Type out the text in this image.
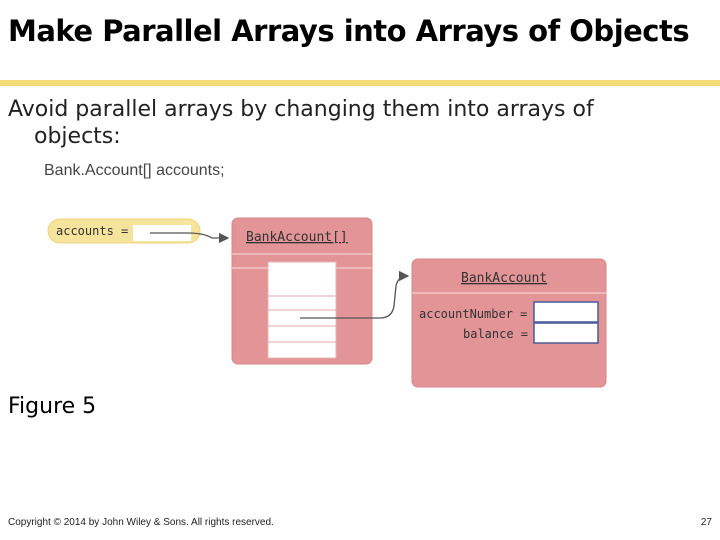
Make Parallel Arrays into Arrays of Objects
Avoid parallel arrays by changing them into arrays of objects:
Bank.Account[] accounts;
accounts =	BankAccount[]
BankAccount
accountNumber =
balance =
Figure 5
Copyright © 2014 by John Wiley & Sons. All rights reserved.	27
